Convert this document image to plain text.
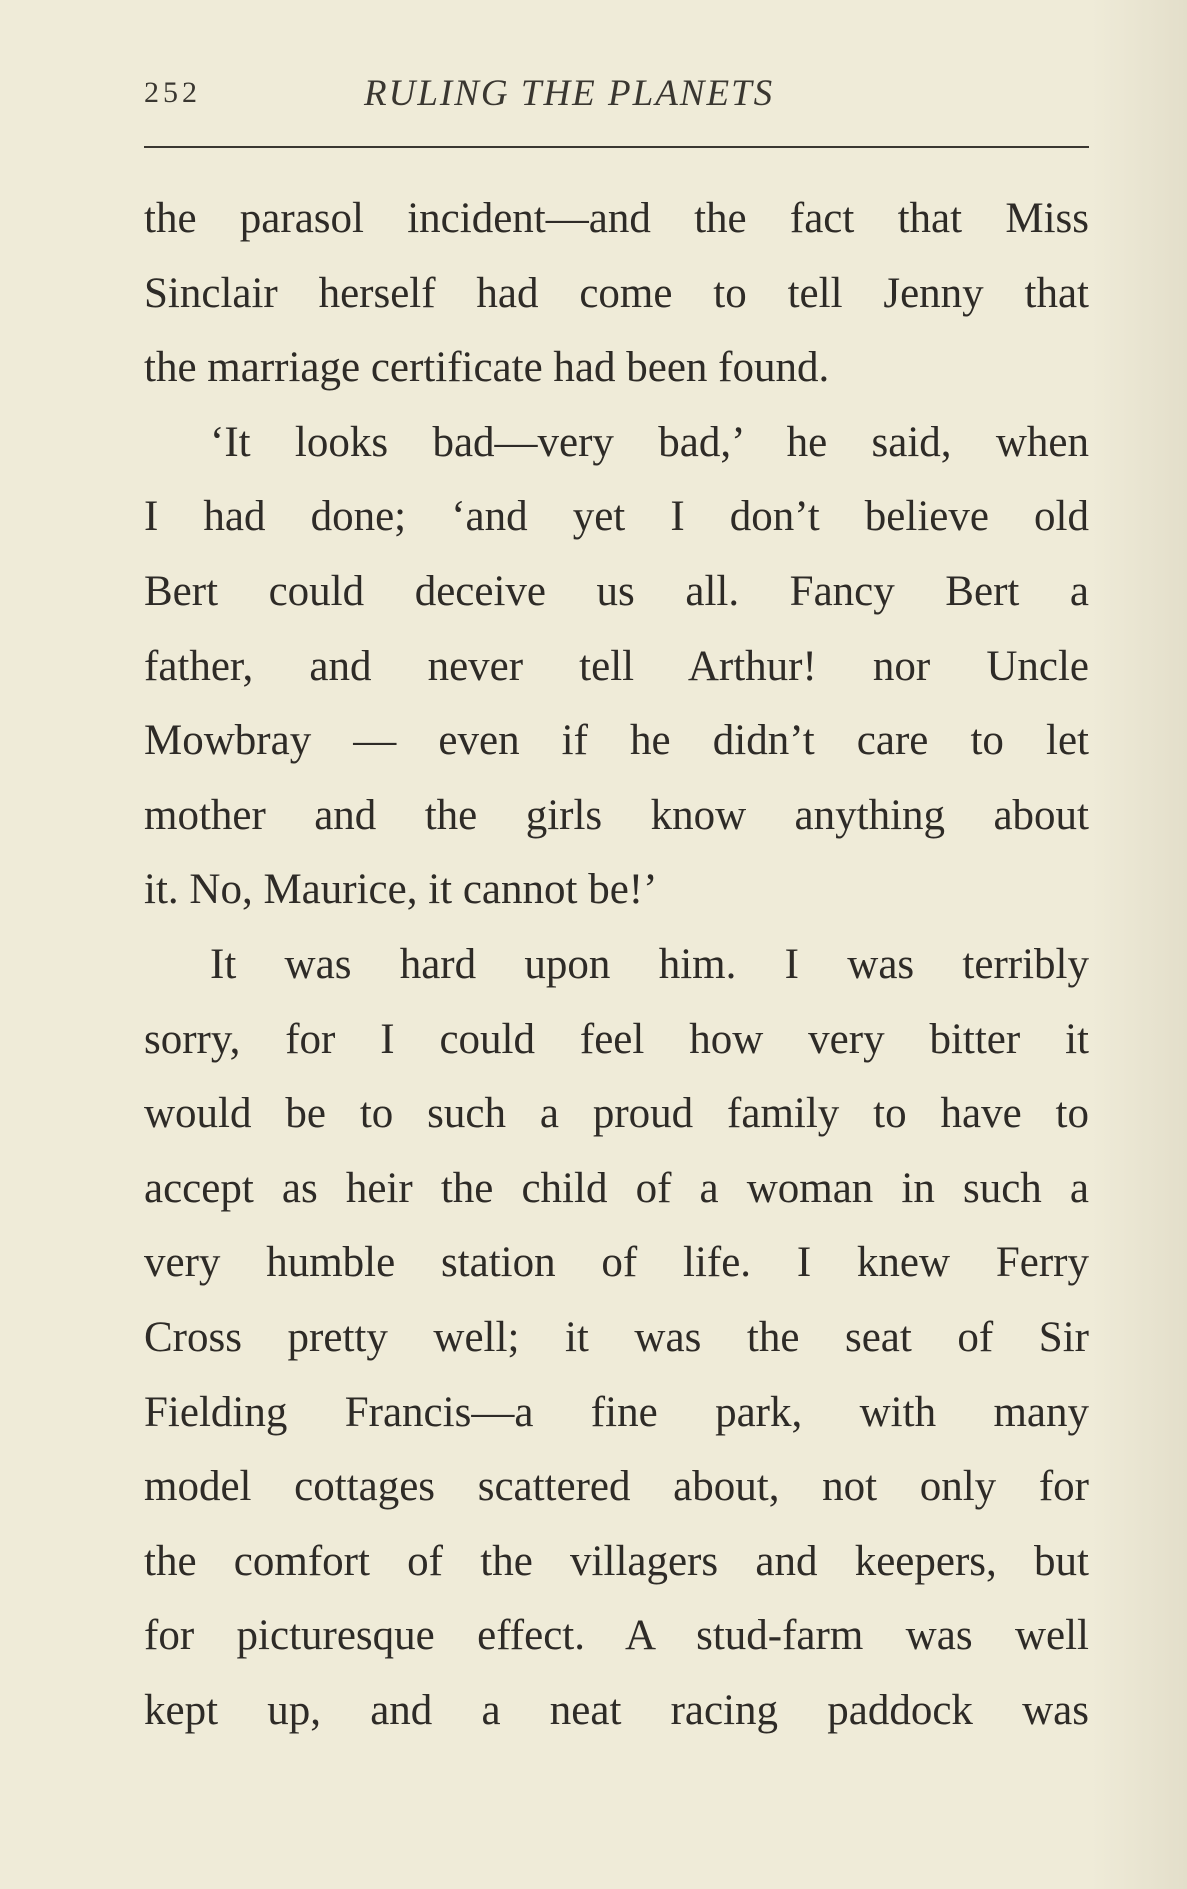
252	RULING THE PLANETS
the parasol incident—and the fact that Miss
Sinclair herself had come to tell Jenny that
the marriage certificate had been found.
‘It looks bad—very bad,’ he said, when
I had done; ‘and yet I don’t believe old
Bert could deceive us all. Fancy Bert a
father, and never tell Arthur! nor Uncle
Mowbray — even if he didn’t care to let
mother and the girls know anything about
it. No, Maurice, it cannot be!’
It was hard upon him. I was terribly
sorry, for I could feel how very bitter it
would be to such a proud family to have to
accept as heir the child of a woman in such a
very humble station of life. I knew Ferry
Cross pretty well; it was the seat of Sir
Fielding Francis—a fine park, with many
model cottages scattered about, not only for
the comfort of the villagers and keepers, but
for picturesque effect. A stud-farm was well
kept up, and a neat racing paddock was
